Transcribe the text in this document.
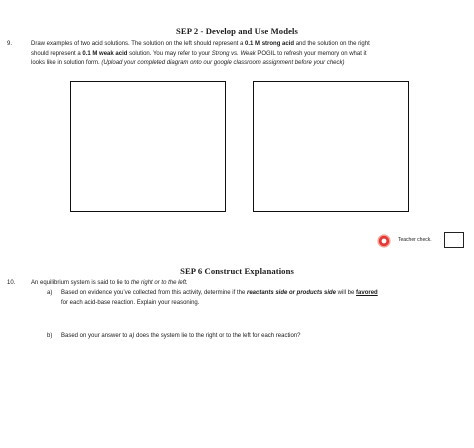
SEP 2 - Develop and Use Models
9.	Draw examples of two acid solutions. The solution on the left should represent a 0.1 M strong acid and the solution on the right
should represent a 0.1 M weak acid solution. You may refer to your Strong vs. Weak POGIL to refresh your memory on what it
looks like in solution form. (Upload your completed diagram onto our google classroom assignment before your check)
Teacher check.
SEP 6 Construct Explanations
10.	An equilibrium system is said to lie to the right or to the left.
a) Based on evidence you’ve collected from this activity, determine if the reactants side or products side will be favored
for each acid-base reaction. Explain your reasoning.
b) Based on your answer to a) does the system lie to the right or to the left for each reaction?
